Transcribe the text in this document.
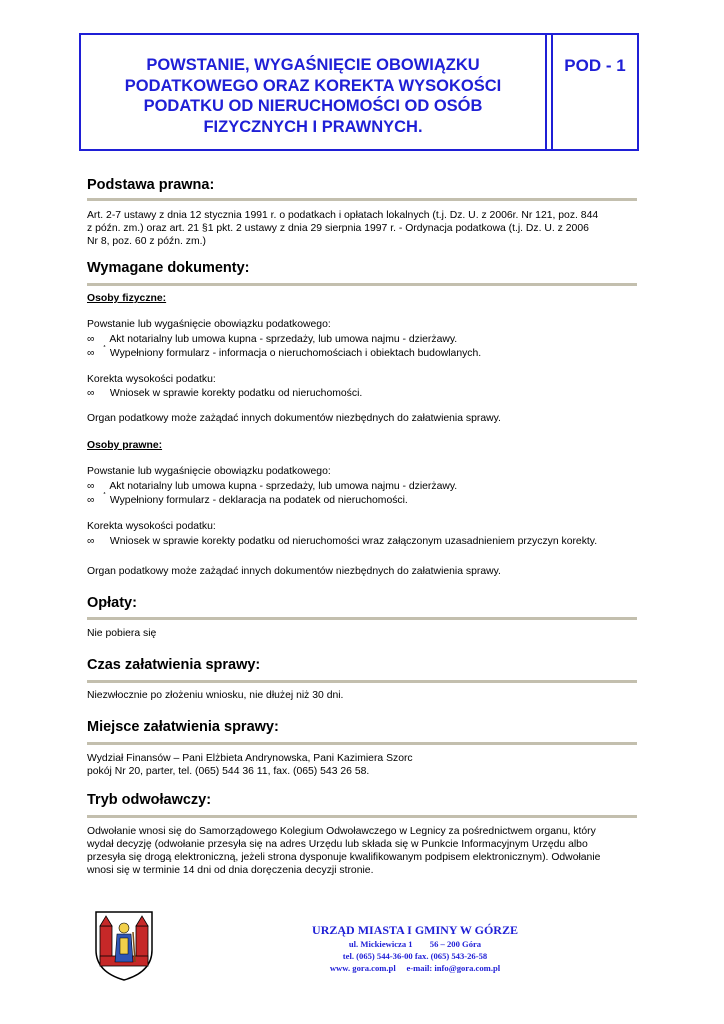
POWSTANIE, WYGAŚNIĘCIE OBOWIĄZKU PODATKOWEGO ORAZ KOREKTA WYSOKOŚCI PODATKU OD NIERUCHOMOŚCI OD OSÓB FIZYCZNYCH I PRAWNYCH.
POD - 1
Podstawa prawna:
Art. 2-7 ustawy z dnia 12 stycznia 1991 r. o podatkach i opłatach lokalnych (t.j. Dz. U. z 2006r. Nr 121, poz. 844
z późn. zm.) oraz art. 21 §1 pkt. 2 ustawy z dnia 29 sierpnia 1997 r. - Ordynacja podatkowa (t.j. Dz. U. z 2006
Nr 8, poz. 60 z późn. zm.)
Wymagane dokumenty:
Osoby fizyczne:
Powstanie lub wygaśnięcie obowiązku podatkowego:
∞ ¸ Akt notarialny lub umowa kupna - sprzedaży, lub umowa najmu - dzierżawy.
∞ Wypełniony formularz - informacja o nieruchomościach i obiektach budowlanych.
Korekta wysokości podatku:
∞ Wniosek w sprawie korekty podatku od nieruchomości.
Organ podatkowy może zażądać innych dokumentów niezbędnych do załatwienia sprawy.
Osoby prawne:
Powstanie lub wygaśnięcie obowiązku podatkowego:
∞ ¸ Akt notarialny lub umowa kupna - sprzedaży, lub umowa najmu - dzierżawy.
∞ Wypełniony formularz - deklaracja na podatek od nieruchomości.
Korekta wysokości podatku:
∞ Wniosek w sprawie korekty podatku od nieruchomości wraz załączonym uzasadnieniem przyczyn korekty.
Organ podatkowy może zażądać innych dokumentów niezbędnych do załatwienia sprawy.
Opłaty:
Nie pobiera się
Czas załatwienia sprawy:
Niezwłocznie po złożeniu wniosku, nie dłużej niż 30 dni.
Miejsce załatwienia sprawy:
Wydział Finansów – Pani Elżbieta Andrynowska, Pani Kazimiera Szorc
pokój Nr 20, parter, tel. (065) 544 36 11, fax. (065) 543 26 58.
Tryb odwoławczy:
Odwołanie wnosi się do Samorządowego Kolegium Odwoławczego w Legnicy za pośrednictwem organu, który
wydał decyzję (odwołanie przesyła się na adres Urzędu lub składa się w Punkcie Informacyjnym Urzędu albo
przesyła się drogą elektroniczną, jeżeli strona dysponuje kwalifikowanym podpisem elektronicznym). Odwołanie
wnosi się w terminie 14 dni od dnia doręczenia decyzji stronie.
URZĄD MIASTA I GMINY W GÓRZE
ul. Mickiewicza 1        56 – 200 Góra
tel. (065) 544-36-00 fax. (065) 543-26-58
www. gora.com.pl     e-mail: info@gora.com.pl
